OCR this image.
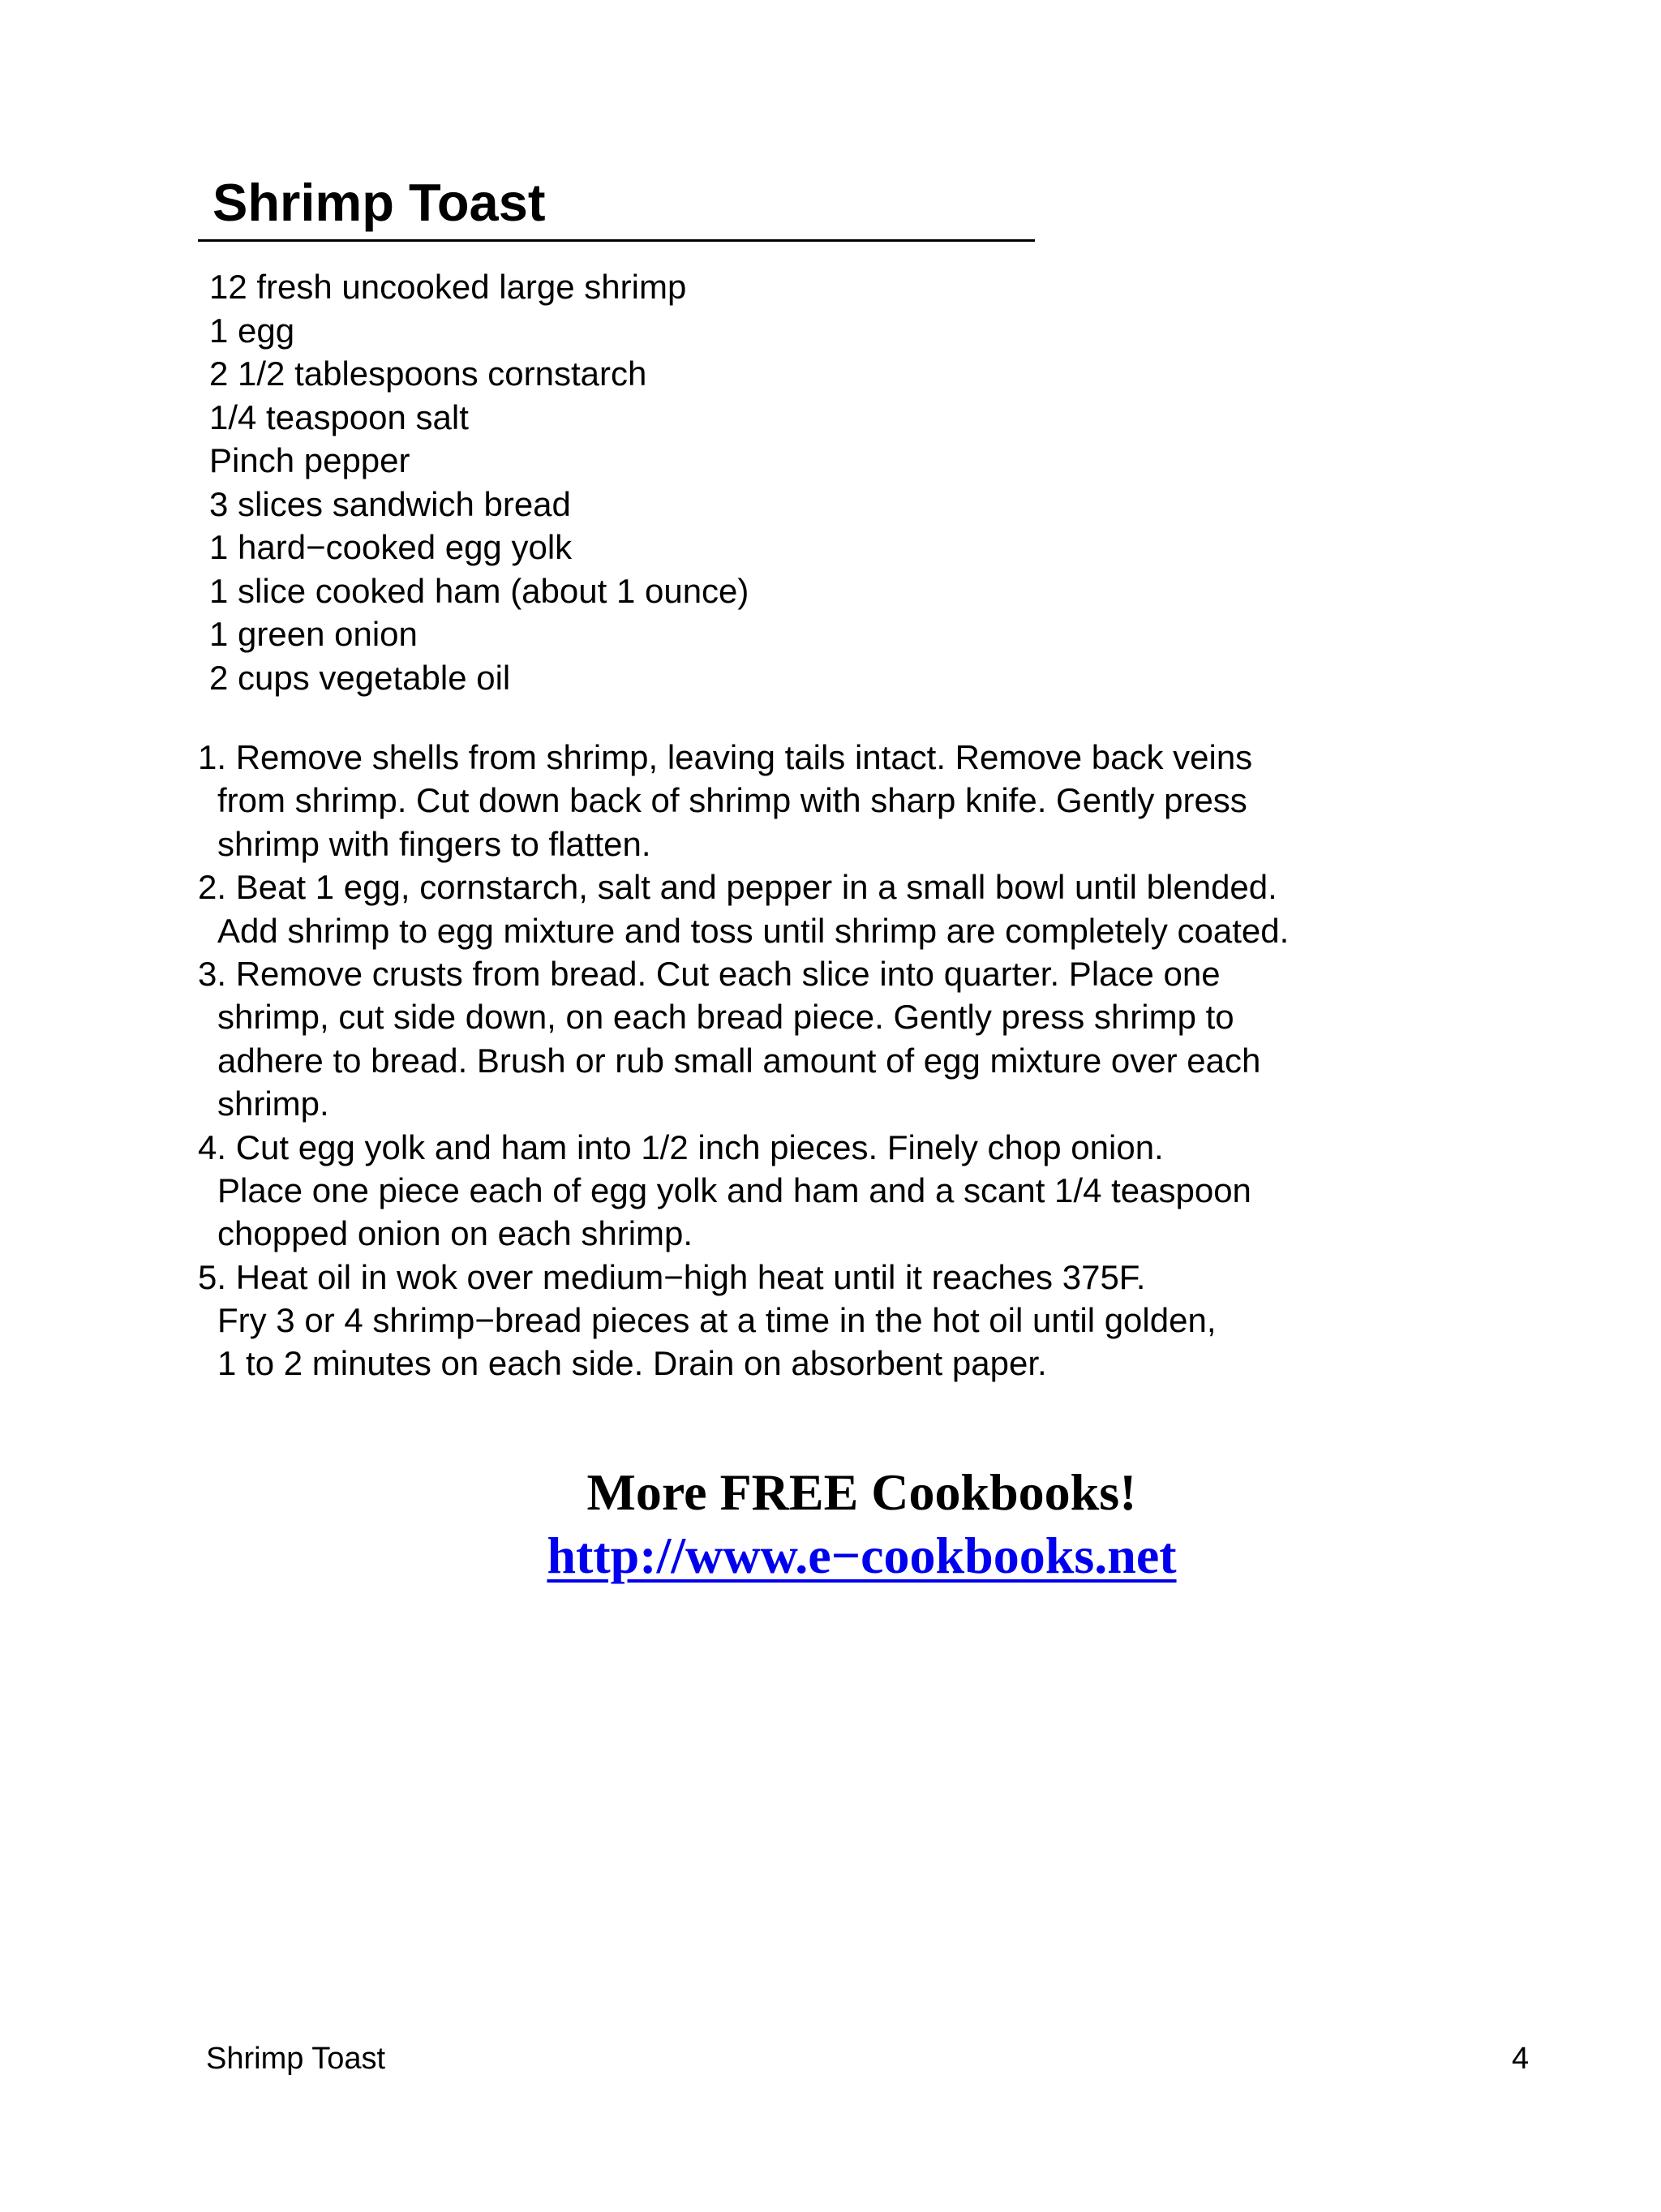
Shrimp Toast
12 fresh uncooked large shrimp
1 egg
2 1/2 tablespoons cornstarch
1/4 teaspoon salt
Pinch pepper
3 slices sandwich bread
1 hard−cooked egg yolk
1 slice cooked ham (about 1 ounce)
1 green onion
2 cups vegetable oil
1. Remove shells from shrimp, leaving tails intact. Remove back veins
from shrimp. Cut down back of shrimp with sharp knife. Gently press
shrimp with fingers to flatten.
2. Beat 1 egg, cornstarch, salt and pepper in a small bowl until blended.
Add shrimp to egg mixture and toss until shrimp are completely coated.
3. Remove crusts from bread. Cut each slice into quarter. Place one
shrimp, cut side down, on each bread piece. Gently press shrimp to
adhere to bread. Brush or rub small amount of egg mixture over each
shrimp.
4. Cut egg yolk and ham into 1/2 inch pieces. Finely chop onion.
Place one piece each of egg yolk and ham and a scant 1/4 teaspoon
chopped onion on each shrimp.
5. Heat oil in wok over medium−high heat until it reaches 375F.
Fry 3 or 4 shrimp−bread pieces at a time in the hot oil until golden,
1 to 2 minutes on each side. Drain on absorbent paper.
More FREE Cookbooks!
http://www.e−cookbooks.net
Shrimp Toast	4
